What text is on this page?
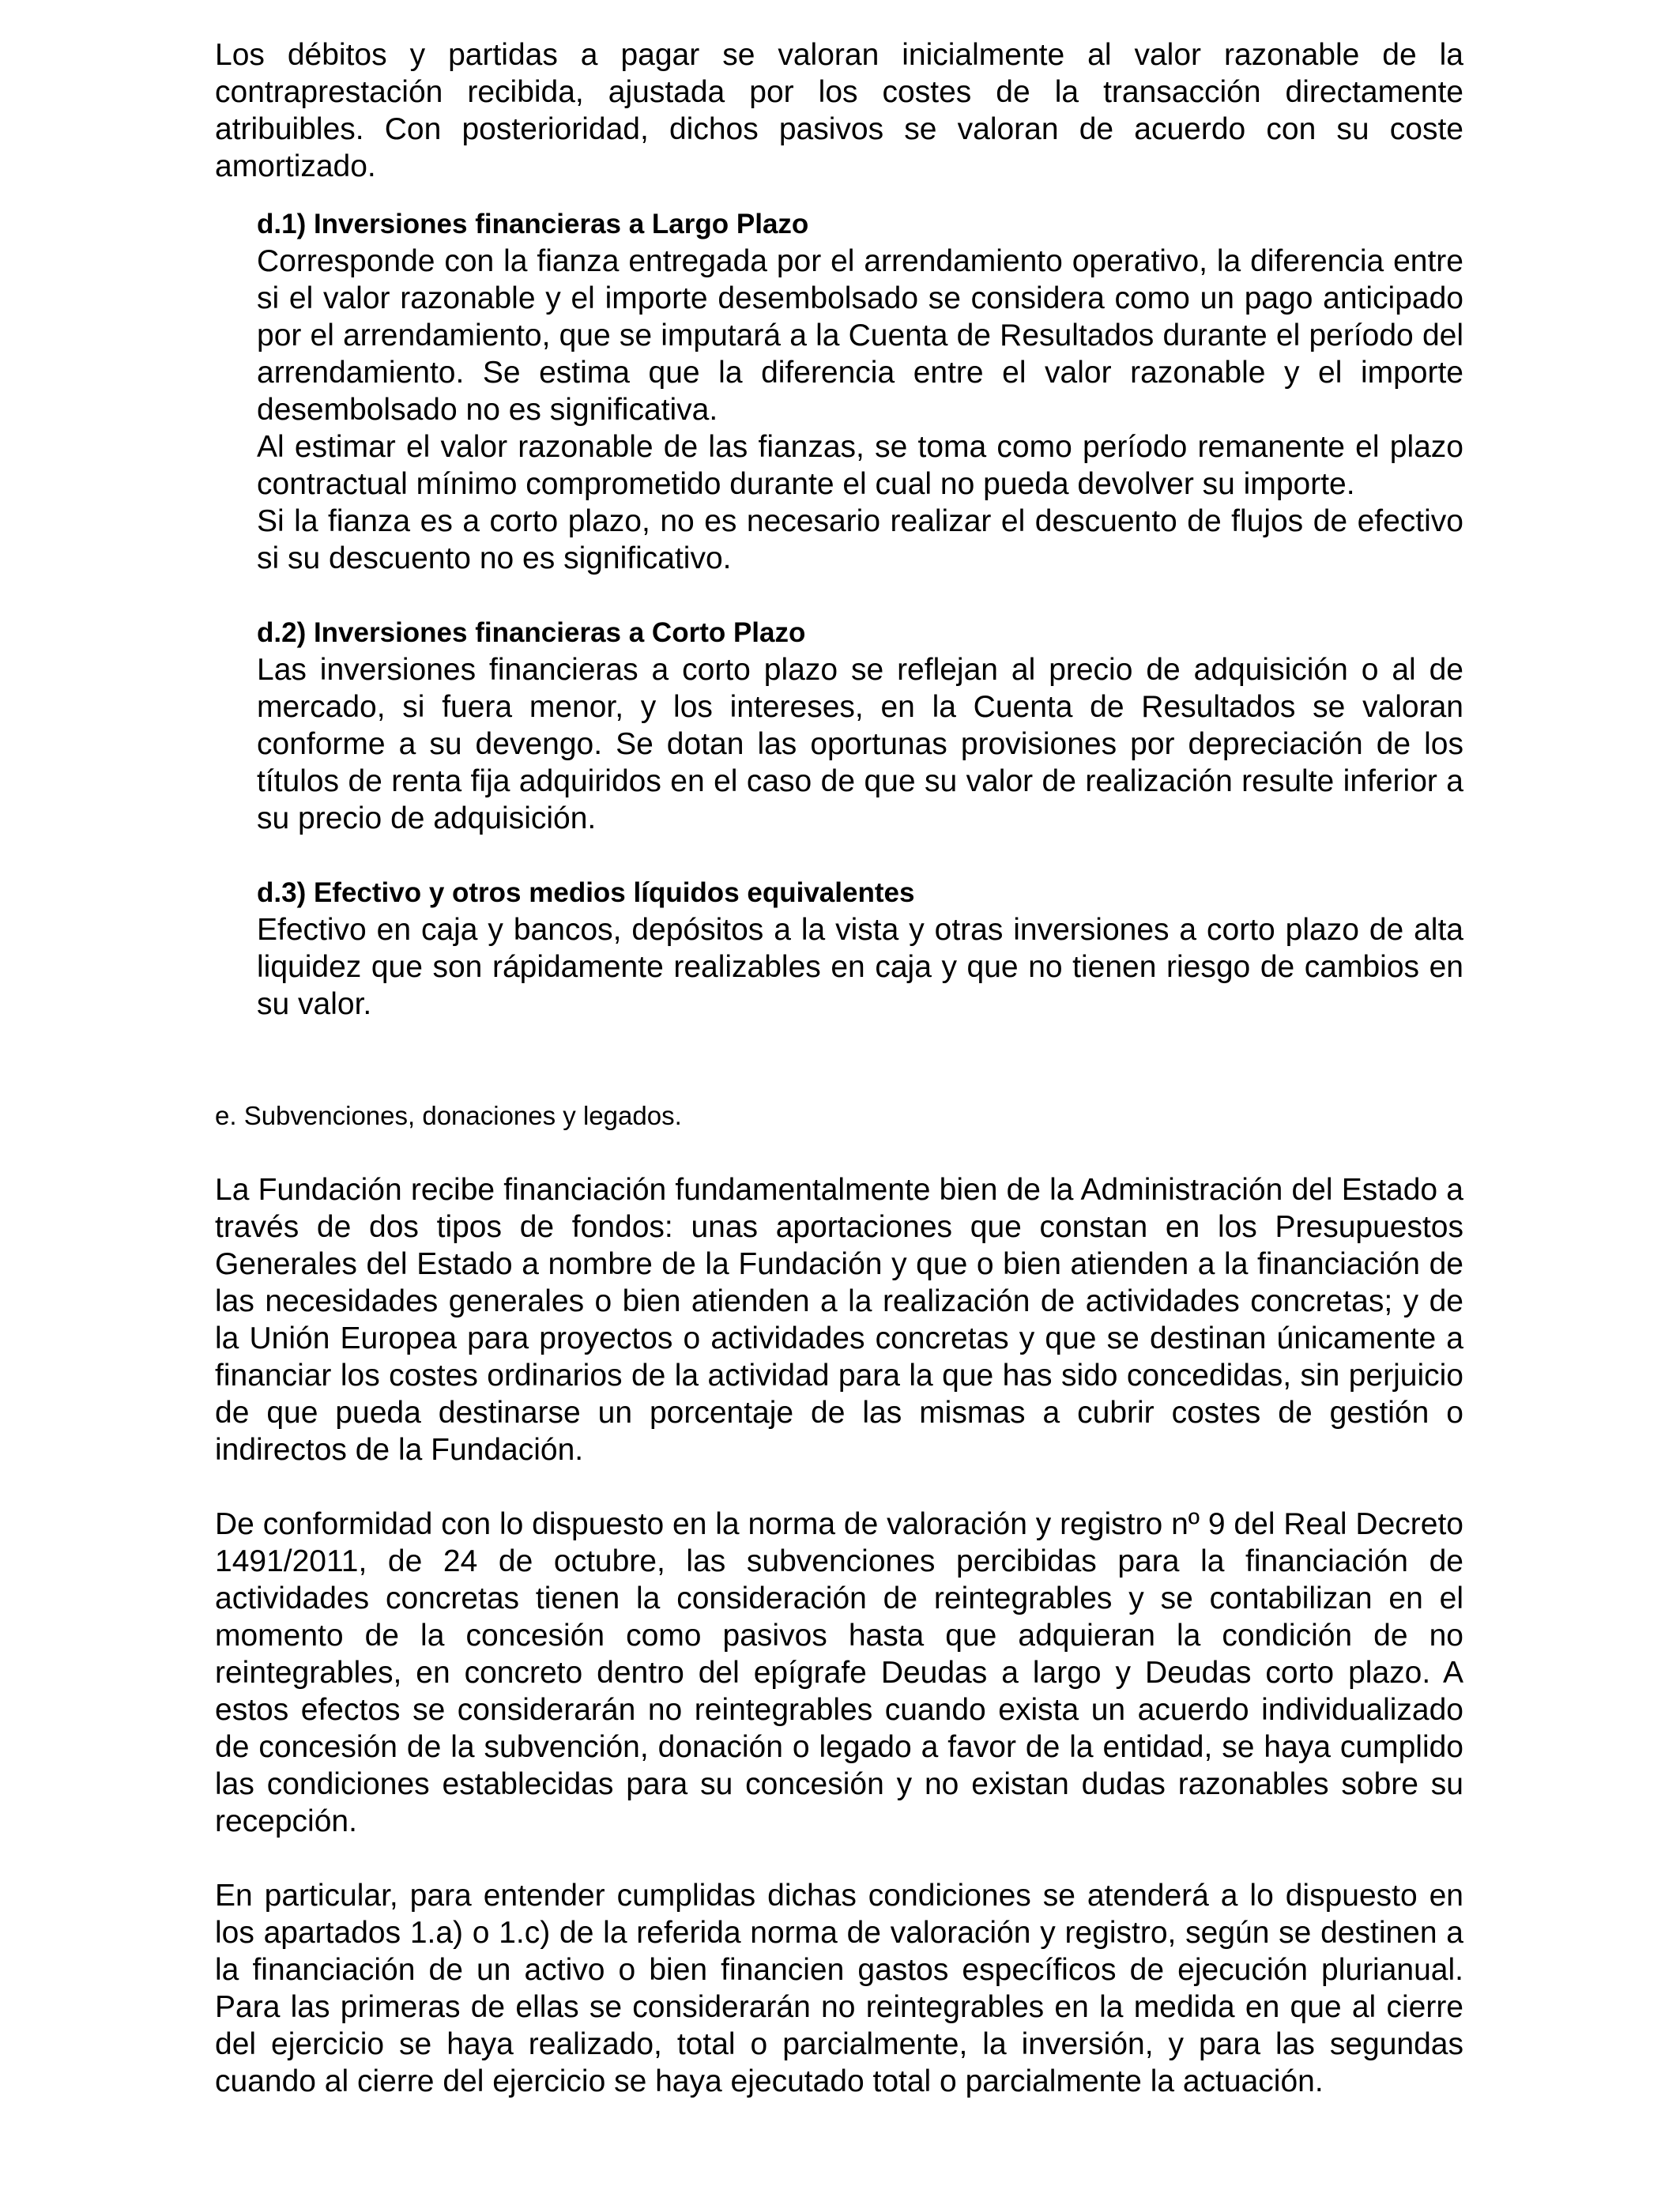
Los débitos y partidas a pagar se valoran inicialmente al valor razonable de la contraprestación recibida, ajustada por los costes de la transacción directamente atribuibles. Con posterioridad, dichos pasivos se valoran de acuerdo con su coste amortizado.

d.1) Inversiones financieras a Largo Plazo

Corresponde con la fianza entregada por el arrendamiento operativo, la diferencia entre si el valor razonable y el importe desembolsado se considera como un pago anticipado por el arrendamiento, que se imputará a la Cuenta de Resultados durante el período del arrendamiento. Se estima que la diferencia entre el valor razonable y el importe desembolsado no es significativa.

Al estimar el valor razonable de las fianzas, se toma como período remanente el plazo contractual mínimo comprometido durante el cual no pueda devolver su importe.

Si la fianza es a corto plazo, no es necesario realizar el descuento de flujos de efectivo si su descuento no es significativo.

d.2) Inversiones financieras a Corto Plazo

Las inversiones financieras a corto plazo se reflejan al precio de adquisición o al de mercado, si fuera menor, y los intereses, en la Cuenta de Resultados se valoran conforme a su devengo. Se dotan las oportunas provisiones por depreciación de los títulos de renta fija adquiridos en el caso de que su valor de realización resulte inferior a su precio de adquisición.

d.3) Efectivo y otros medios líquidos equivalentes

Efectivo en caja y bancos, depósitos a la vista y otras inversiones a corto plazo de alta liquidez que son rápidamente realizables en caja y que no tienen riesgo de cambios en su valor.

e. Subvenciones, donaciones y legados.

La Fundación recibe financiación fundamentalmente bien de la Administración del Estado a través de dos tipos de fondos: unas aportaciones que constan en los Presupuestos Generales del Estado a nombre de la Fundación y que o bien atienden a la financiación de las necesidades generales o bien atienden a la realización de actividades concretas; y de la Unión Europea para proyectos o actividades concretas y que se destinan únicamente a financiar los costes ordinarios de la actividad para la que has sido concedidas, sin perjuicio de que pueda destinarse un porcentaje de las mismas a cubrir costes de gestión o indirectos de la Fundación.

De conformidad con lo dispuesto en la norma de valoración y registro nº 9 del Real Decreto 1491/2011, de 24 de octubre, las subvenciones percibidas para la financiación de actividades concretas tienen la consideración de reintegrables y se contabilizan en el momento de la concesión como pasivos hasta que adquieran la condición de no reintegrables, en concreto dentro del epígrafe Deudas a largo y Deudas corto plazo. A estos efectos se considerarán no reintegrables cuando exista un acuerdo individualizado de concesión de la subvención, donación o legado a favor de la entidad, se haya cumplido las condiciones establecidas para su concesión y no existan dudas razonables sobre su recepción.

En particular, para entender cumplidas dichas condiciones se atenderá a lo dispuesto en los apartados 1.a) o 1.c) de la referida norma de valoración y registro, según se destinen a la financiación de un activo o bien financien gastos específicos de ejecución plurianual. Para las primeras de ellas se considerarán no reintegrables en la medida en que al cierre del ejercicio se haya realizado, total o parcialmente, la inversión, y para las segundas cuando al cierre del ejercicio se haya ejecutado total o parcialmente la actuación.
